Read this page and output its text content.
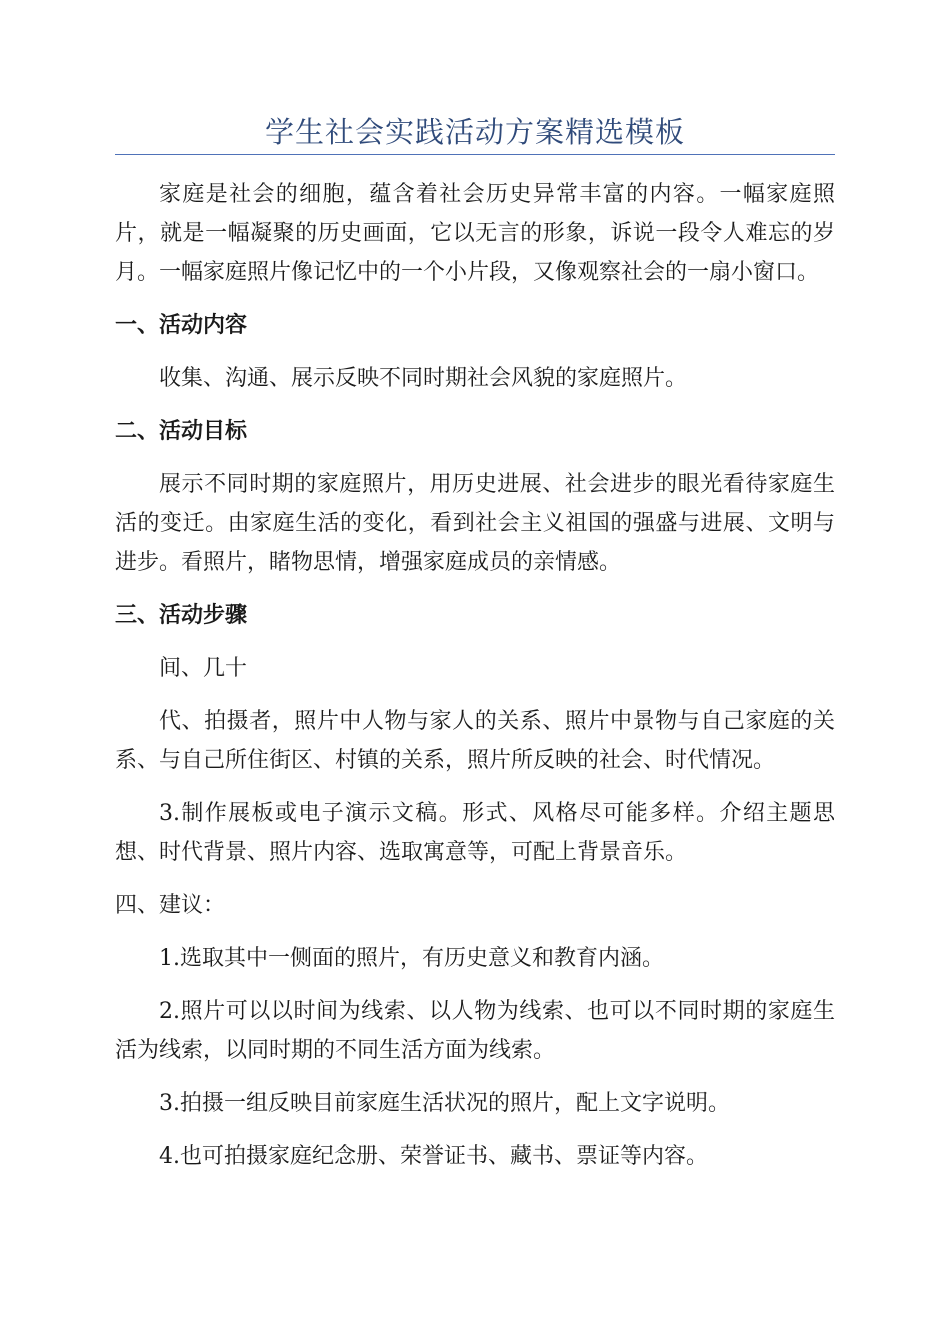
学生社会实践活动方案精选模板

家庭是社会的细胞，蕴含着社会历史异常丰富的内容。一幅家庭照片，就是一幅凝聚的历史画面，它以无言的形象，诉说一段令人难忘的岁月。一幅家庭照片像记忆中的一个小片段，又像观察社会的一扇小窗口。

一、活动内容

收集、沟通、展示反映不同时期社会风貌的家庭照片。

二、活动目标

展示不同时期的家庭照片，用历史进展、社会进步的眼光看待家庭生活的变迁。由家庭生活的变化，看到社会主义祖国的强盛与进展、文明与进步。看照片，睹物思情，增强家庭成员的亲情感。

三、活动步骤

间、几十

代、拍摄者，照片中人物与家人的关系、照片中景物与自己家庭的关系、与自己所住街区、村镇的关系，照片所反映的社会、时代情况。

3.制作展板或电子演示文稿。形式、风格尽可能多样。介绍主题思想、时代背景、照片内容、选取寓意等，可配上背景音乐。

四、建议：

1.选取其中一侧面的照片，有历史意义和教育内涵。

2.照片可以以时间为线索、以人物为线索、也可以不同时期的家庭生活为线索，以同时期的不同生活方面为线索。

3.拍摄一组反映目前家庭生活状况的照片，配上文字说明。

4.也可拍摄家庭纪念册、荣誉证书、藏书、票证等内容。
